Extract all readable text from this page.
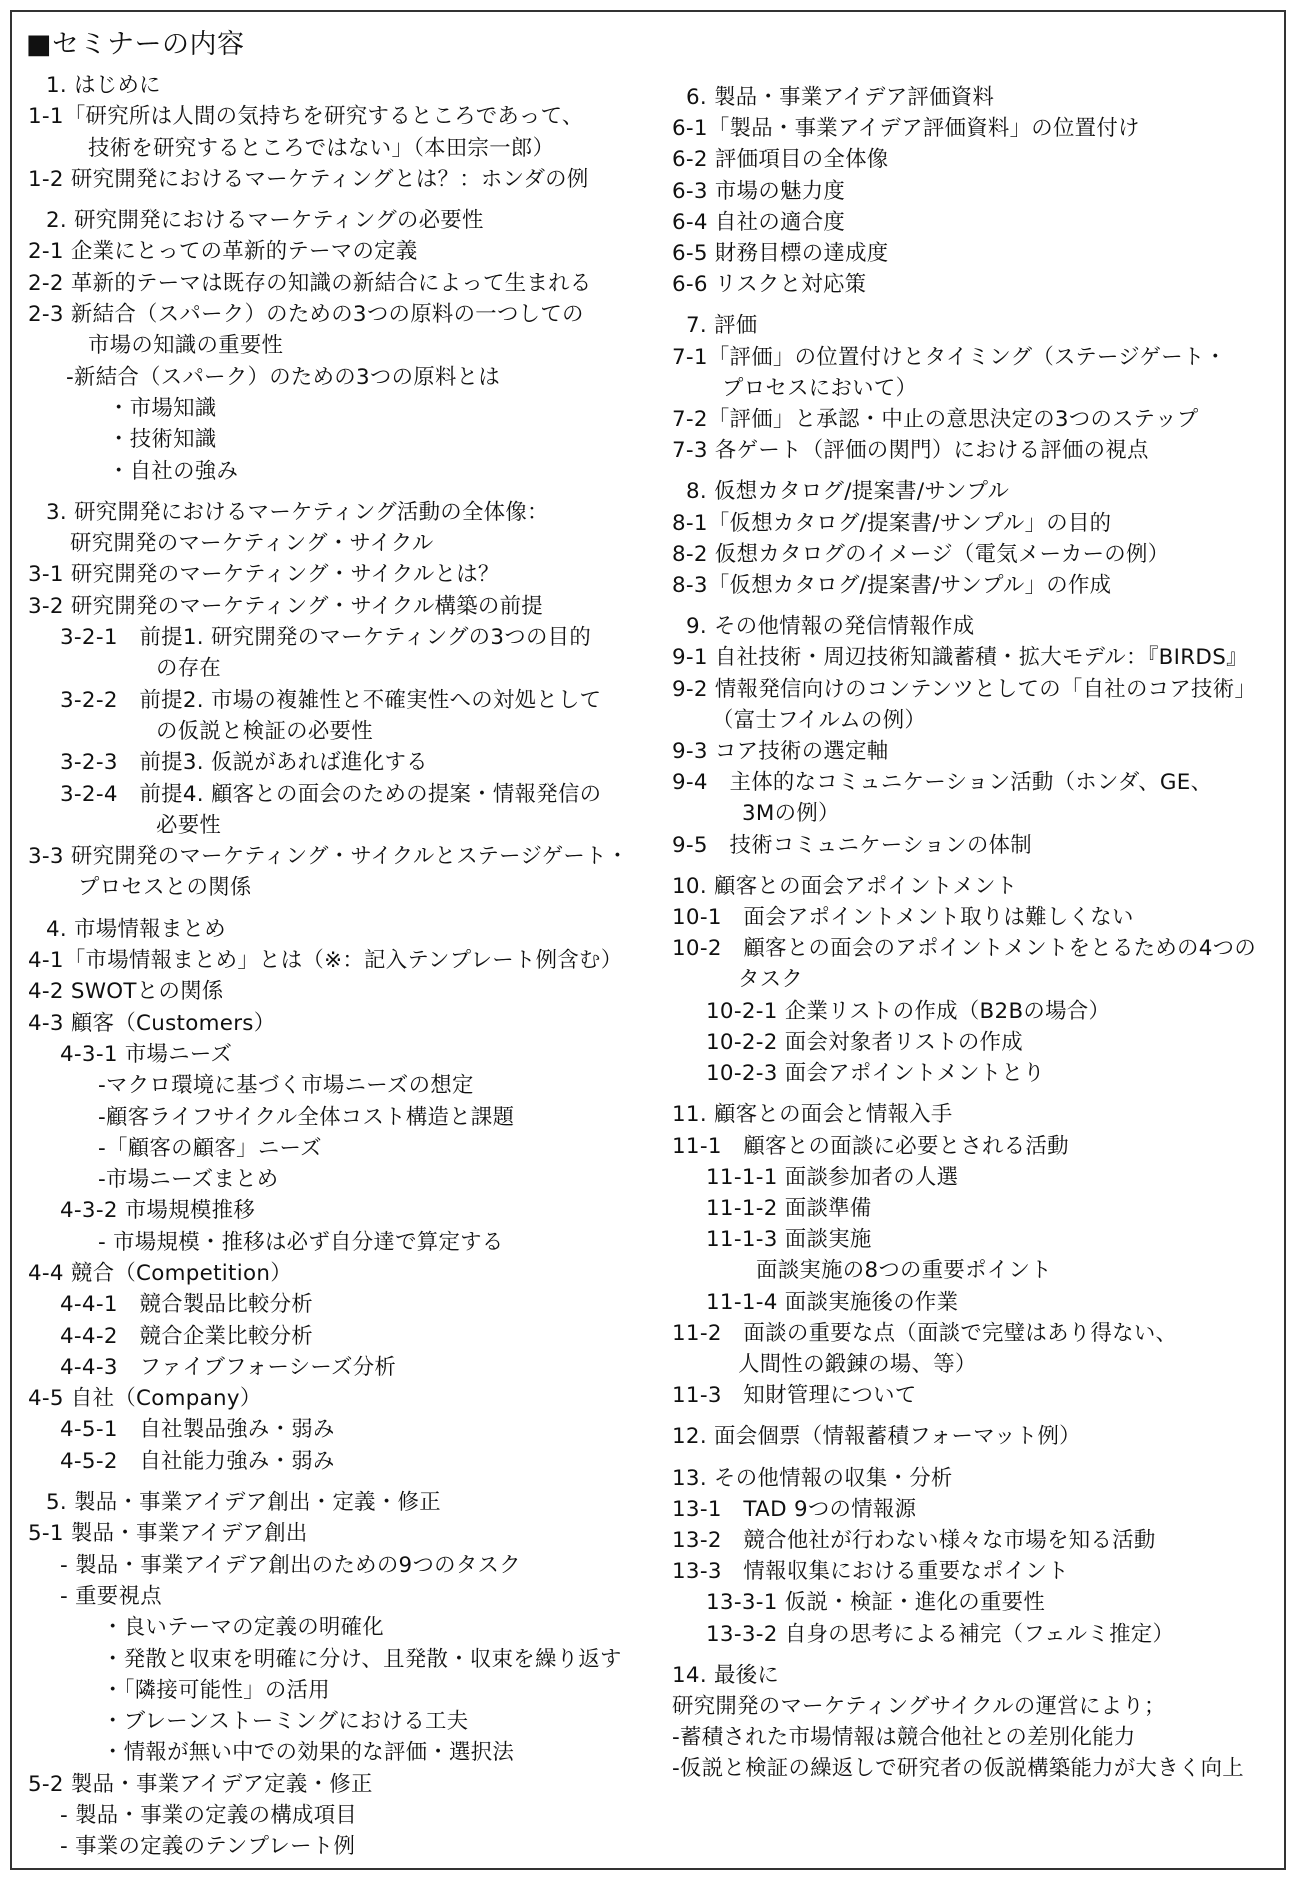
■セミナーの内容
1. はじめに
1-1「研究所は人間の気持ちを研究するところであって、
技術を研究するところではない」（本田宗一郎）
1-2 研究開発におけるマーケティングとは？：ホンダの例
2. 研究開発におけるマーケティングの必要性
2-1 企業にとっての革新的テーマの定義
2-2 革新的テーマは既存の知識の新結合によって生まれる
2-3 新結合（スパーク）のための3つの原料の一つしての
市場の知識の重要性
-新結合（スパーク）のための3つの原料とは
・市場知識
・技術知識
・自社の強み
3. 研究開発におけるマーケティング活動の全体像：
研究開発のマーケティング・サイクル
3-1 研究開発のマーケティング・サイクルとは？
3-2 研究開発のマーケティング・サイクル構築の前提
3-2-1　前提1. 研究開発のマーケティングの3つの目的
の存在
3-2-2　前提2. 市場の複雑性と不確実性への対処として
の仮説と検証の必要性
3-2-3　前提3. 仮説があれば進化する
3-2-4　前提4. 顧客との面会のための提案・情報発信の
必要性
3-3 研究開発のマーケティング・サイクルとステージゲート・
プロセスとの関係
4. 市場情報まとめ
4-1「市場情報まとめ」とは（※：記入テンプレート例含む）
4-2 SWOTとの関係
4-3 顧客（Customers）
4-3-1 市場ニーズ
-マクロ環境に基づく市場ニーズの想定
-顧客ライフサイクル全体コスト構造と課題
-「顧客の顧客」ニーズ
-市場ニーズまとめ
4-3-2 市場規模推移
- 市場規模・推移は必ず自分達で算定する
4-4 競合（Competition）
4-4-1　競合製品比較分析
4-4-2　競合企業比較分析
4-4-3　ファイブフォーシーズ分析
4-5 自社（Company）
4-5-1　自社製品強み・弱み
4-5-2　自社能力強み・弱み
5. 製品・事業アイデア創出・定義・修正
5-1 製品・事業アイデア創出
- 製品・事業アイデア創出のための9つのタスク
- 重要視点
・良いテーマの定義の明確化
・発散と収束を明確に分け、且発散・収束を繰り返す
・「隣接可能性」の活用
・ブレーンストーミングにおける工夫
・情報が無い中での効果的な評価・選択法
5-2 製品・事業アイデア定義・修正
- 製品・事業の定義の構成項目
- 事業の定義のテンプレート例
6. 製品・事業アイデア評価資料
6-1「製品・事業アイデア評価資料」の位置付け
6-2 評価項目の全体像
6-3 市場の魅力度
6-4 自社の適合度
6-5 財務目標の達成度
6-6 リスクと対応策
7. 評価
7-1「評価」の位置付けとタイミング（ステージゲート・
プロセスにおいて）
7-2「評価」と承認・中止の意思決定の3つのステップ
7-3 各ゲート（評価の関門）における評価の視点
8. 仮想カタログ/提案書/サンプル
8-1「仮想カタログ/提案書/サンプル」の目的
8-2 仮想カタログのイメージ（電気メーカーの例）
8-3「仮想カタログ/提案書/サンプル」の作成
9. その他情報の発信情報作成
9-1 自社技術・周辺技術知識蓄積・拡大モデル：『BIRDS』
9-2 情報発信向けのコンテンツとしての「自社のコア技術」
（富士フイルムの例）
9-3 コア技術の選定軸
9-4　主体的なコミュニケーション活動（ホンダ、GE、
3Mの例）
9-5　技術コミュニケーションの体制
10. 顧客との面会アポイントメント
10-1　面会アポイントメント取りは難しくない
10-2　顧客との面会のアポイントメントをとるための4つの
タスク
10-2-1 企業リストの作成（B2Bの場合）
10-2-2 面会対象者リストの作成
10-2-3 面会アポイントメントとり
11. 顧客との面会と情報入手
11-1　顧客との面談に必要とされる活動
11-1-1 面談参加者の人選
11-1-2 面談準備
11-1-3 面談実施
面談実施の8つの重要ポイント
11-1-4 面談実施後の作業
11-2　面談の重要な点（面談で完璧はあり得ない、
人間性の鍛錬の場、等）
11-3　知財管理について
12. 面会個票（情報蓄積フォーマット例）
13. その他情報の収集・分析
13-1　TAD 9つの情報源
13-2　競合他社が行わない様々な市場を知る活動
13-3　情報収集における重要なポイント
13-3-1 仮説・検証・進化の重要性
13-3-2 自身の思考による補完（フェルミ推定）
14. 最後に
研究開発のマーケティングサイクルの運営により；
-蓄積された市場情報は競合他社との差別化能力
-仮説と検証の繰返しで研究者の仮説構築能力が大きく向上
